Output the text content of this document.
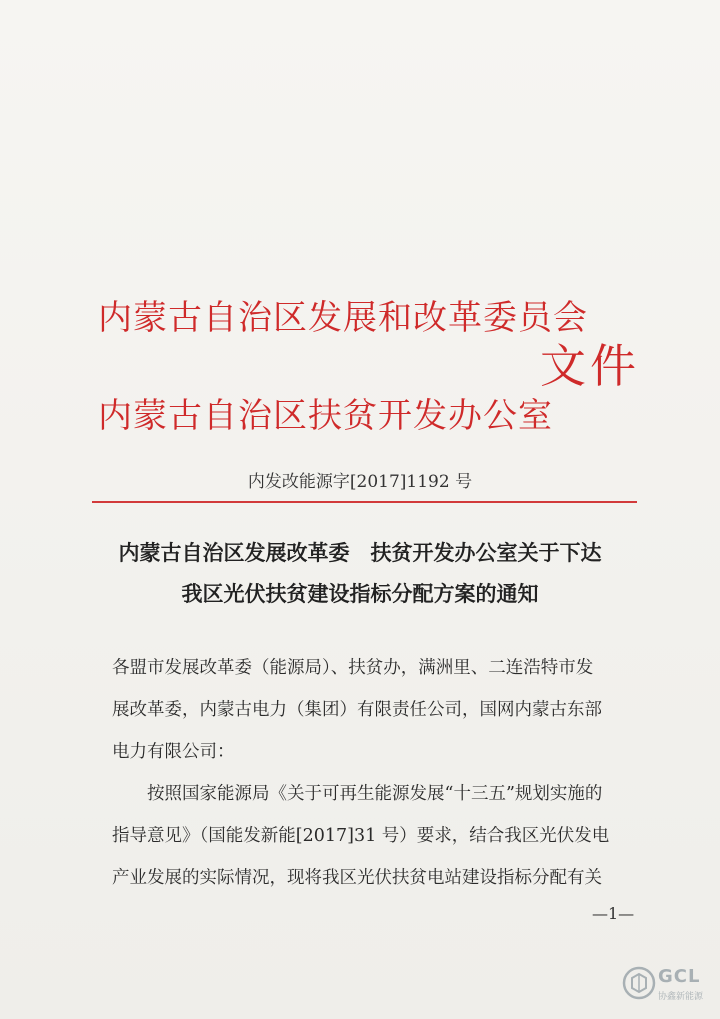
内蒙古自治区发展和改革委员会
文件
内蒙古自治区扶贫开发办公室
内发改能源字[2017]1192 号
内蒙古自治区发展改革委　扶贫开发办公室关于下达
我区光伏扶贫建设指标分配方案的通知
各盟市发展改革委（能源局）、扶贫办，满洲里、二连浩特市发
展改革委，内蒙古电力（集团）有限责任公司，国网内蒙古东部
电力有限公司：
　　按照国家能源局《关于可再生能源发展“十三五”规划实施的
指导意见》（国能发新能[2017]31 号）要求，结合我区光伏发电
产业发展的实际情况，现将我区光伏扶贫电站建设指标分配有关
—1—
GCL
协鑫新能源
